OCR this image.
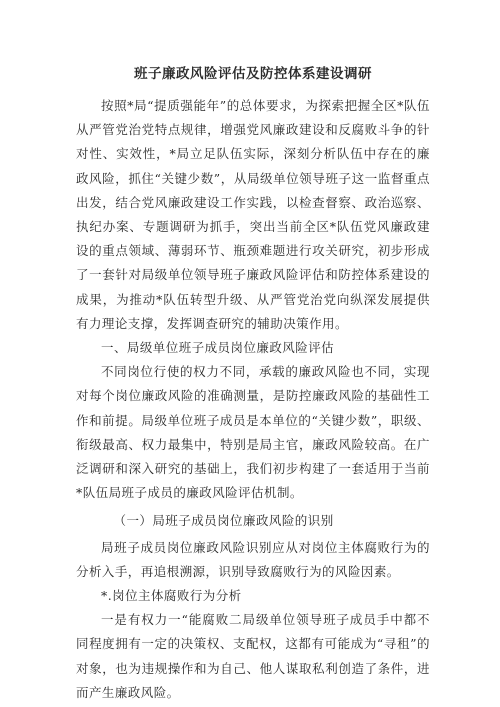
班子廉政风险评估及防控体系建设调研

按照*局“提质强能年”的总体要求，为探索把握全区*队伍从严管党治党特点规律，增强党风廉政建设和反腐败斗争的针对性、实效性，*局立足队伍实际，深刻分析队伍中存在的廉政风险，抓住“关键少数”，从局级单位领导班子这一监督重点出发，结合党风廉政建设工作实践，以检查督察、政治巡察、执纪办案、专题调研为抓手，突出当前全区*队伍党风廉政建设的重点领域、薄弱环节、瓶颈难题进行攻关研究，初步形成了一套针对局级单位领导班子廉政风险评估和防控体系建设的成果，为推动*队伍转型升级、从严管党治党向纵深发展提供有力理论支撑，发挥调查研究的辅助决策作用。

一、局级单位班子成员岗位廉政风险评估

不同岗位行使的权力不同，承载的廉政风险也不同，实现对每个岗位廉政风险的准确测量，是防控廉政风险的基础性工作和前提。局级单位班子成员是本单位的“关键少数”，职级、衔级最高、权力最集中，特别是局主官，廉政风险较高。在广泛调研和深入研究的基础上，我们初步构建了一套适用于当前*队伍局班子成员的廉政风险评估机制。

（一）局班子成员岗位廉政风险的识别

局班子成员岗位廉政风险识别应从对岗位主体腐败行为的分析入手，再追根溯源，识别导致腐败行为的风险因素。

*.岗位主体腐败行为分析

一是有权力一“能腐败二局级单位领导班子成员手中都不同程度拥有一定的决策权、支配权，这都有可能成为“寻租”的对象，也为违规操作和为自己、他人谋取私利创造了条件，进而产生廉政风险。
